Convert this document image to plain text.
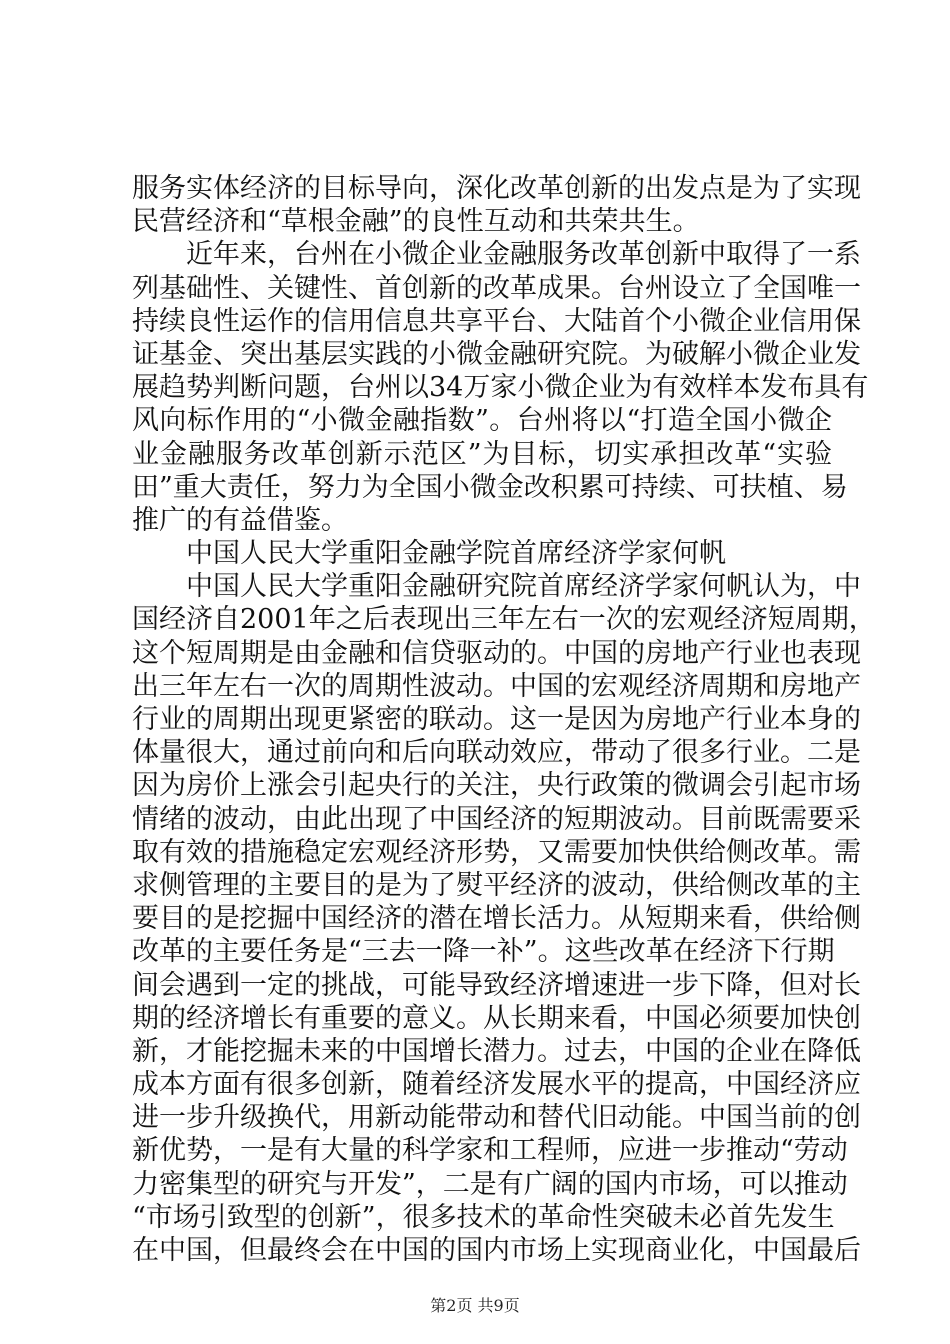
服务实体经济的目标导向，深化改革创新的出发点是为了实现
民营经济和“草根金融”的良性互动和共荣共生。
近年来，台州在小微企业金融服务改革创新中取得了一系
列基础性、关键性、首创新的改革成果。台州设立了全国唯一
持续良性运作的信用信息共享平台、大陆首个小微企业信用保
证基金、突出基层实践的小微金融研究院。为破解小微企业发
展趋势判断问题，台州以34万家小微企业为有效样本发布具有
风向标作用的“小微金融指数”。台州将以“打造全国小微企
业金融服务改革创新示范区”为目标，切实承担改革“实验
田”重大责任，努力为全国小微金改积累可持续、可扶植、易
推广的有益借鉴。
中国人民大学重阳金融学院首席经济学家何帆
中国人民大学重阳金融研究院首席经济学家何帆认为，中
国经济自2001年之后表现出三年左右一次的宏观经济短周期，
这个短周期是由金融和信贷驱动的。中国的房地产行业也表现
出三年左右一次的周期性波动。中国的宏观经济周期和房地产
行业的周期出现更紧密的联动。这一是因为房地产行业本身的
体量很大，通过前向和后向联动效应，带动了很多行业。二是
因为房价上涨会引起央行的关注，央行政策的微调会引起市场
情绪的波动，由此出现了中国经济的短期波动。目前既需要采
取有效的措施稳定宏观经济形势，又需要加快供给侧改革。需
求侧管理的主要目的是为了熨平经济的波动，供给侧改革的主
要目的是挖掘中国经济的潜在增长活力。从短期来看，供给侧
改革的主要任务是“三去一降一补”。这些改革在经济下行期
间会遇到一定的挑战，可能导致经济增速进一步下降，但对长
期的经济增长有重要的意义。从长期来看，中国必须要加快创
新，才能挖掘未来的中国增长潜力。过去，中国的企业在降低
成本方面有很多创新，随着经济发展水平的提高，中国经济应
进一步升级换代，用新动能带动和替代旧动能。中国当前的创
新优势，一是有大量的科学家和工程师，应进一步推动“劳动
力密集型的研究与开发”，二是有广阔的国内市场，可以推动
“市场引致型的创新”，很多技术的革命性突破未必首先发生
在中国，但最终会在中国的国内市场上实现商业化，中国最后
第2页 共9页
